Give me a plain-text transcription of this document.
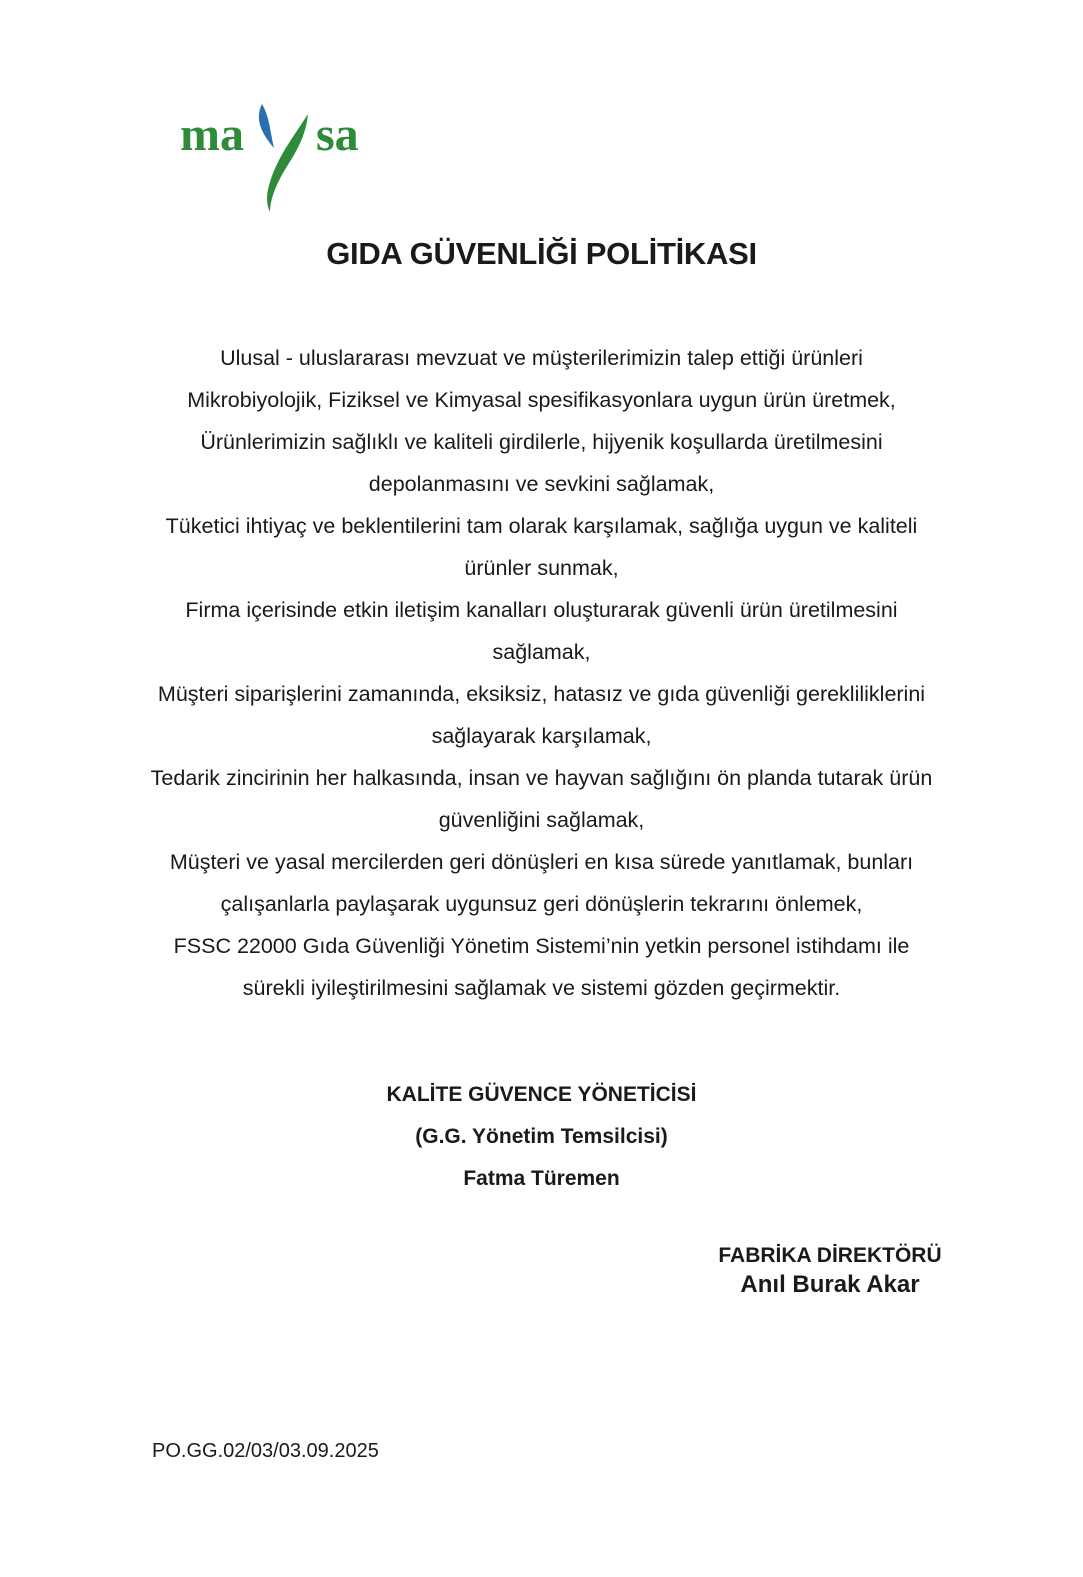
ma sa
GIDA GÜVENLİĞİ POLİTİKASI
Ulusal - uluslararası mevzuat ve müşterilerimizin talep ettiği ürünleri
Mikrobiyolojik, Fiziksel ve Kimyasal spesifikasyonlara uygun ürün üretmek,
Ürünlerimizin sağlıklı ve kaliteli girdilerle, hijyenik koşullarda üretilmesini
depolanmasını ve sevkini sağlamak,
Tüketici ihtiyaç ve beklentilerini tam olarak karşılamak, sağlığa uygun ve kaliteli
ürünler sunmak,
Firma içerisinde etkin iletişim kanalları oluşturarak güvenli ürün üretilmesini
sağlamak,
Müşteri siparişlerini zamanında, eksiksiz, hatasız ve gıda güvenliği gerekliliklerini
sağlayarak karşılamak,
Tedarik zincirinin her halkasında, insan ve hayvan sağlığını ön planda tutarak ürün
güvenliğini sağlamak,
Müşteri ve yasal mercilerden geri dönüşleri en kısa sürede yanıtlamak, bunları
çalışanlarla paylaşarak uygunsuz geri dönüşlerin tekrarını önlemek,
FSSC 22000 Gıda Güvenliği Yönetim Sistemi’nin yetkin personel istihdamı ile
sürekli iyileştirilmesini sağlamak ve sistemi gözden geçirmektir.
KALİTE GÜVENCE YÖNETİCİSİ
(G.G. Yönetim Temsilcisi)
Fatma Türemen
FABRİKA DİREKTÖRÜ
Anıl Burak Akar
PO.GG.02/03/03.09.2025
